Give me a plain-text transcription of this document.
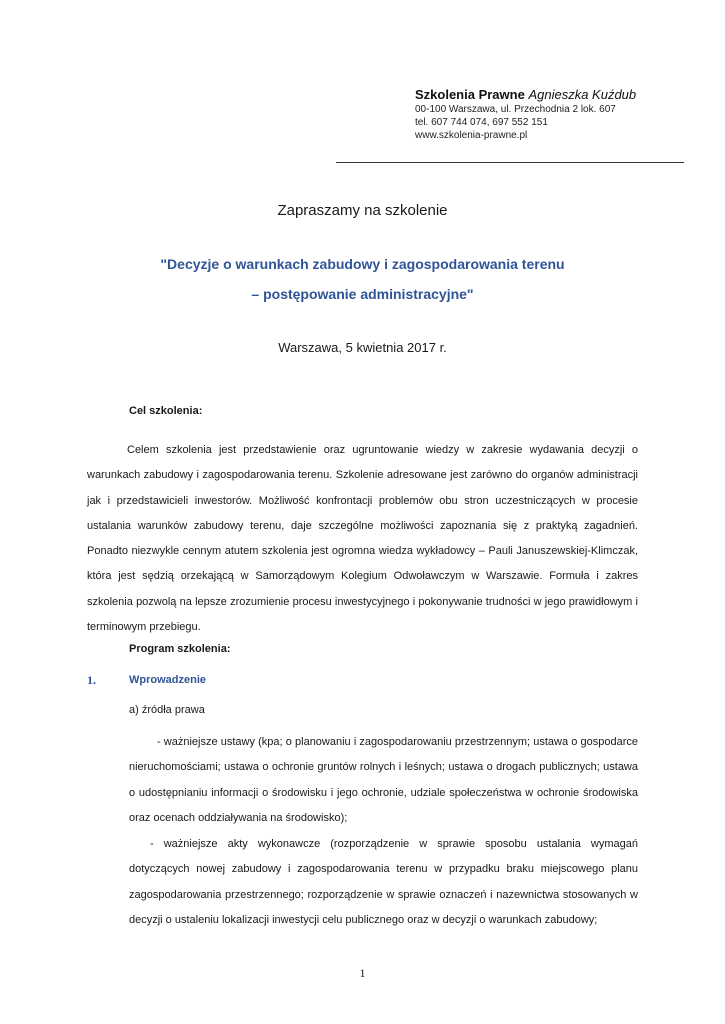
Szkolenia Prawne Agnieszka Kuźdub
00-100 Warszawa, ul. Przechodnia 2 lok. 607
tel. 607 744 074, 697 552 151
www.szkolenia-prawne.pl
Zapraszamy na szkolenie
"Decyzje o warunkach zabudowy i zagospodarowania terenu
– postępowanie administracyjne"
Warszawa, 5 kwietnia 2017 r.
Cel szkolenia:
Celem szkolenia jest przedstawienie oraz ugruntowanie wiedzy w zakresie wydawania decyzji o warunkach zabudowy i zagospodarowania terenu. Szkolenie adresowane jest zarówno do organów administracji jak i przedstawicieli inwestorów. Możliwość konfrontacji problemów obu stron uczestniczących w procesie ustalania warunków zabudowy terenu, daje szczególne możliwości zapoznania się z praktyką zagadnień. Ponadto niezwykle cennym atutem szkolenia jest ogromna wiedza wykładowcy – Pauli Januszewskiej-Klimczak, która jest sędzią orzekającą w Samorządowym Kolegium Odwoławczym w Warszawie. Formuła i zakres szkolenia pozwolą na lepsze zrozumienie procesu inwestycyjnego i pokonywanie trudności w jego prawidłowym i terminowym przebiegu.
Program szkolenia:
1.	Wprowadzenie
a) źródła prawa
- ważniejsze ustawy (kpa; o planowaniu i zagospodarowaniu przestrzennym; ustawa o gospodarce nieruchomościami; ustawa o ochronie gruntów rolnych i leśnych; ustawa o drogach publicznych; ustawa o udostępnianiu informacji o środowisku i jego ochronie, udziale społeczeństwa w ochronie środowiska oraz ocenach oddziaływania na środowisko);
- ważniejsze akty wykonawcze (rozporządzenie w sprawie sposobu ustalania wymagań dotyczących nowej zabudowy i zagospodarowania terenu w przypadku braku miejscowego planu zagospodarowania przestrzennego; rozporządzenie w sprawie oznaczeń i nazewnictwa stosowanych w decyzji o ustaleniu lokalizacji inwestycji celu publicznego oraz w decyzji o warunkach zabudowy;
1
